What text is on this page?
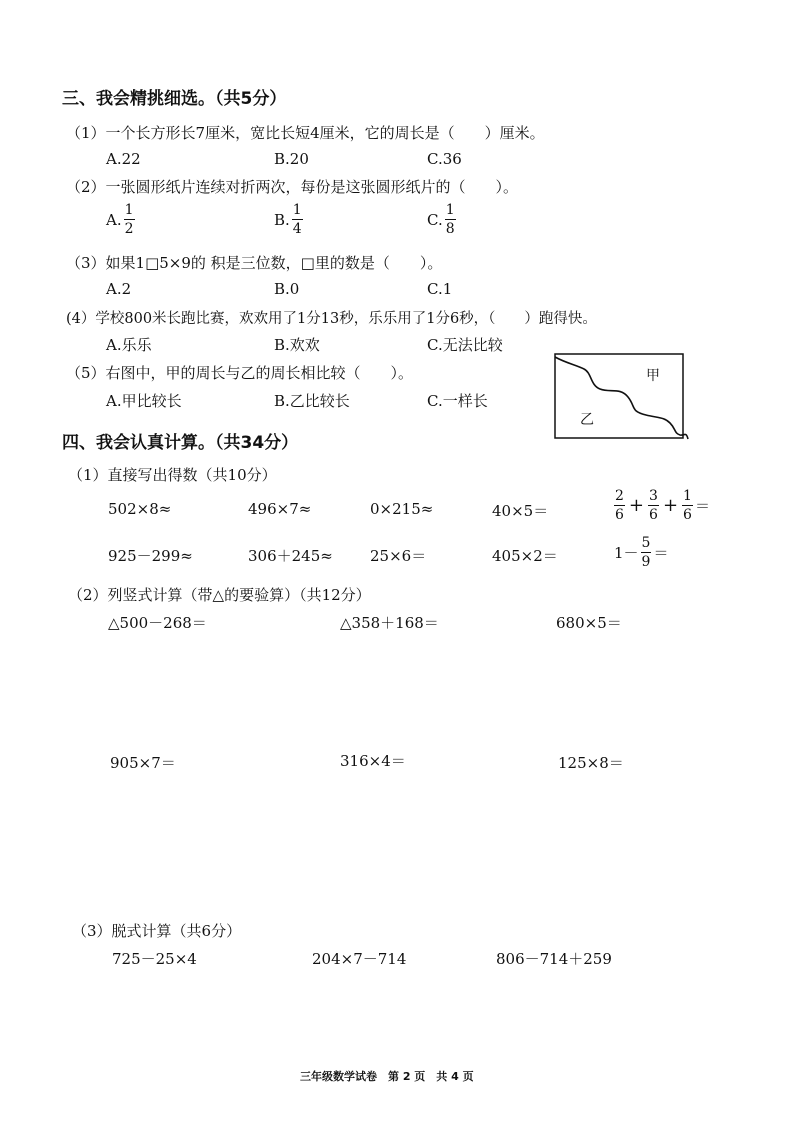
三、我会精挑细选。（共5分）
（1）一个长方形长7厘米，宽比长短4厘米，它的周长是（　　）厘米。
A.22	B.20	C.36
（2）一张圆形纸片连续对折两次，每份是这张圆形纸片的（　　）。
A. $\frac{1}{2}$	B. $\frac{1}{4}$	C. $\frac{1}{8}$
（3）如果1□5×9的 积是三位数，□里的数是（　　）。
A.2	B.0	C.1
(4）学校800米长跑比赛，欢欢用了1分13秒，乐乐用了1分6秒，（　　）跑得快。
A.乐乐	B.欢欢	C.无法比较
（5）右图中，甲的周长与乙的周长相比较（　　）。
A.甲比较长	B.乙比较长	C.一样长
甲
乙
四、我会认真计算。（共34分）
（1）直接写出得数（共10分）
502×8≈	496×7≈	0×215≈	40×5＝	$\frac{2}{6} + \frac{3}{6} + \frac{1}{6}$ ＝
925－299≈	306＋245≈ 25×6＝	405×2＝	$1- \frac{5}{9}$ ＝
（2）列竖式计算（带△的要验算）（共12分）
△500－268＝	△358＋168＝	680×5＝
905×7＝	316×4＝	125×8＝
（3）脱式计算（共6分）
725－25×4	204×7－714	806－714＋259
三年级数学试卷　第 2 页　共 4 页
